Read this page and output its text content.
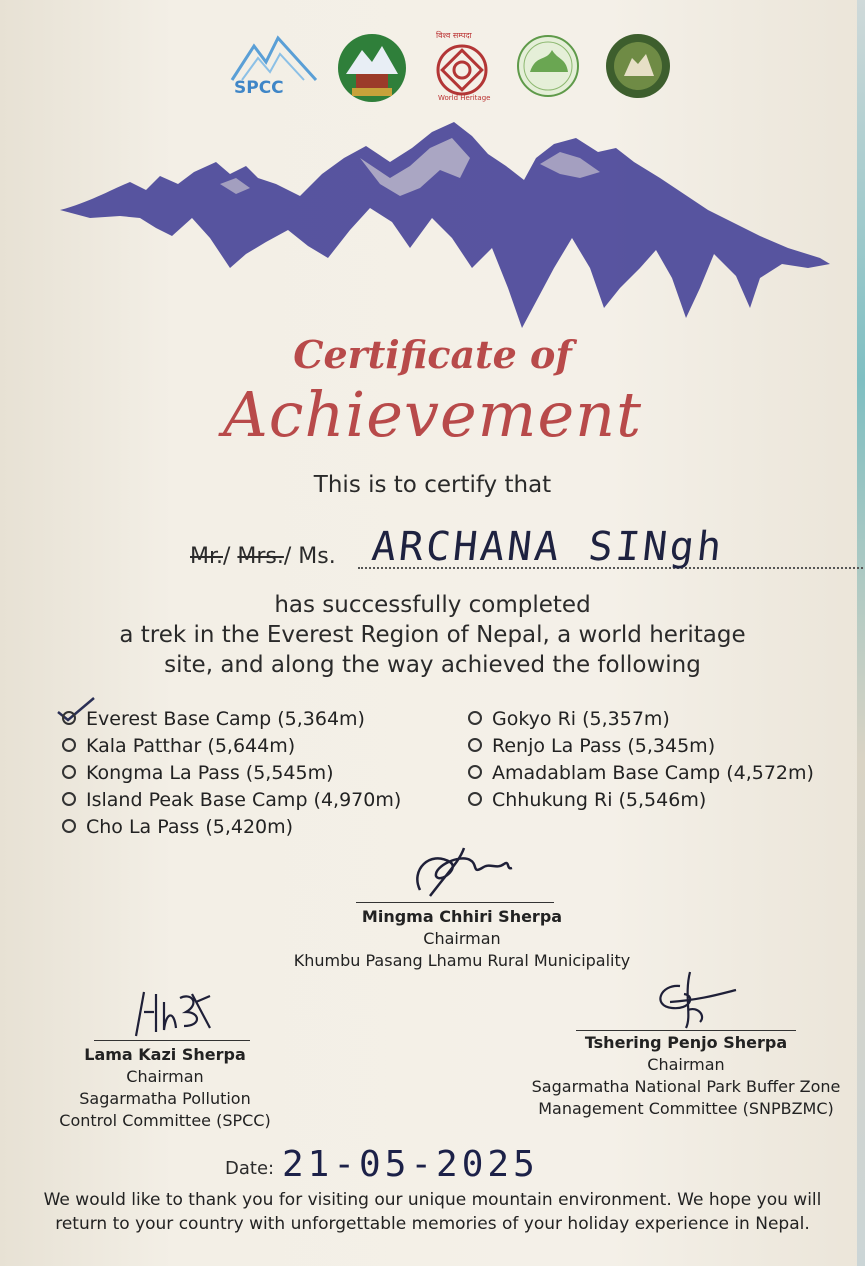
SPCC
विश्व सम्पदा
World Heritage
Certificate of
Achievement
This is to certify that
Mr./ Mrs./ Ms. ARCHANA SINgh
has successfully completed
a trek in the Everest Region of Nepal, a world heritage
site, and along the way achieved the following
Everest Base Camp (5,364m)
Kala Patthar (5,644m)
Kongma La Pass (5,545m)
Island Peak Base Camp (4,970m)
Cho La Pass (5,420m)
Gokyo Ri (5,357m)
Renjo La Pass (5,345m)
Amadablam Base Camp (4,572m)
Chhukung Ri (5,546m)
Mingma Chhiri Sherpa
Chairman
Khumbu Pasang Lhamu Rural Municipality
Lama Kazi Sherpa
Chairman
Sagarmatha Pollution
Control Committee (SPCC)
Tshering Penjo Sherpa
Chairman
Sagarmatha National Park Buffer Zone
Management Committee (SNPBZMC)
Date: 21-05-2025
We would like to thank you for visiting our unique mountain environment. We hope you will
return to your country with unforgettable memories of your holiday experience in Nepal.
